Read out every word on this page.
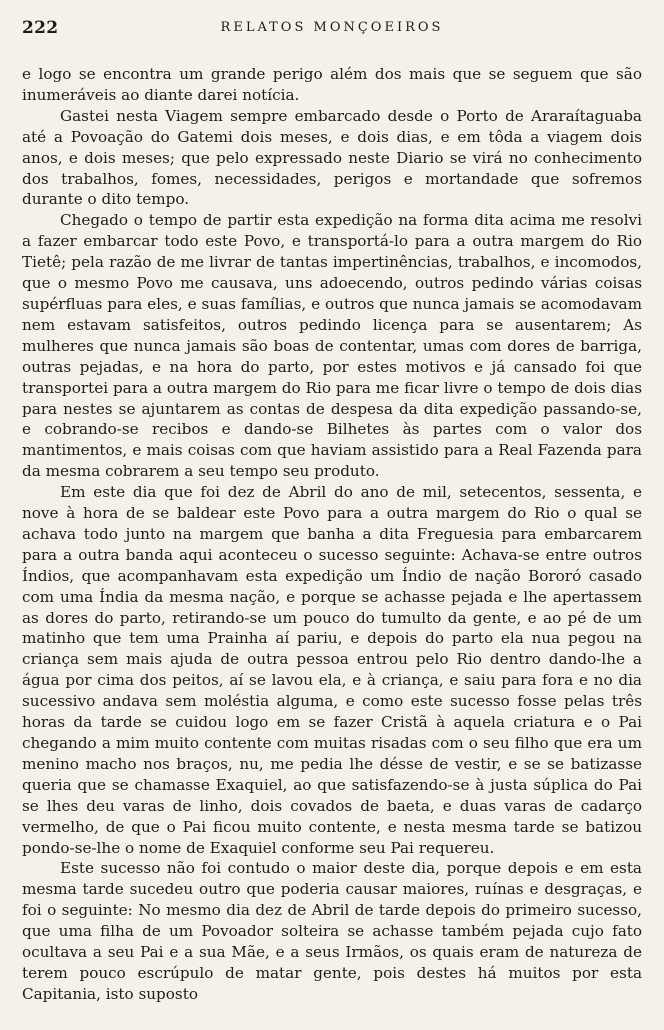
222	RELATOS MONÇOEIROS

e logo se encontra um grande perigo além dos mais que se seguem que são inumeráveis ao diante darei notícia.

Gastei nesta Viagem sempre embarcado desde o Porto de Araraítaguaba até a Povoação do Gatemi dois meses, e dois dias, e em tôda a viagem dois anos, e dois meses; que pelo expressado neste Diario se virá no conhecimento dos trabalhos, fomes, necessidades, perigos e mortandade que sofremos durante o dito tempo.

Chegado o tempo de partir esta expedição na forma dita acima me resolvi a fazer embarcar todo este Povo, e transportá-lo para a outra margem do Rio Tietê; pela razão de me livrar de tantas impertinências, trabalhos, e incomodos, que o mesmo Povo me causava, uns adoecendo, outros pedindo várias coisas supérfluas para eles, e suas famílias, e outros que nunca jamais se acomodavam nem estavam satisfeitos, outros pedindo licença para se ausentarem; As mulheres que nunca jamais são boas de contentar, umas com dores de barriga, outras pejadas, e na hora do parto, por estes motivos e já cansado foi que transportei para a outra margem do Rio para me ficar livre o tempo de dois dias para nestes se ajuntarem as contas de despesa da dita expedição passando-se, e cobrando-se recibos e dando-se Bilhetes às partes com o valor dos mantimentos, e mais coisas com que haviam assistido para a Real Fazenda para da mesma cobrarem a seu tempo seu produto.

Em este dia que foi dez de Abril do ano de mil, setecentos, sessenta, e nove à hora de se baldear este Povo para a outra margem do Rio o qual se achava todo junto na margem que banha a dita Freguesia para embarcarem para a outra banda aqui aconteceu o sucesso seguinte: Achava-se entre outros Índios, que acompanhavam esta expedição um Índio de nação Bororó casado com uma Índia da mesma nação, e porque se achasse pejada e lhe apertassem as dores do parto, retirando-se um pouco do tumulto da gente, e ao pé de um matinho que tem uma Prainha aí pariu, e depois do parto ela nua pegou na criança sem mais ajuda de outra pessoa entrou pelo Rio dentro dando-lhe a água por cima dos peitos, aí se lavou ela, e à criança, e saiu para fora e no dia sucessivo andava sem moléstia alguma, e como este sucesso fosse pelas três horas da tarde se cuidou logo em se fazer Cristã à aquela criatura e o Pai chegando a mim muito contente com muitas risadas com o seu filho que era um menino macho nos braços, nu, me pedia lhe désse de vestir, e se se batizasse queria que se chamasse Exaquiel, ao que satisfazendo-se à justa súplica do Pai se lhes deu varas de linho, dois covados de baeta, e duas varas de cadarço vermelho, de que o Pai ficou muito contente, e nesta mesma tarde se batizou pondo-se-lhe o nome de Exaquiel conforme seu Pai requereu.

Este sucesso não foi contudo o maior deste dia, porque depois e em esta mesma tarde sucedeu outro que poderia causar maiores, ruínas e desgraças, e foi o seguinte: No mesmo dia dez de Abril de tarde depois do primeiro sucesso, que uma filha de um Povoador solteira se achasse também pejada cujo fato ocultava a seu Pai e a sua Mãe, e a seus Irmãos, os quais eram de natureza de terem pouco escrúpulo de matar gente, pois destes há muitos por esta Capitania, isto suposto
